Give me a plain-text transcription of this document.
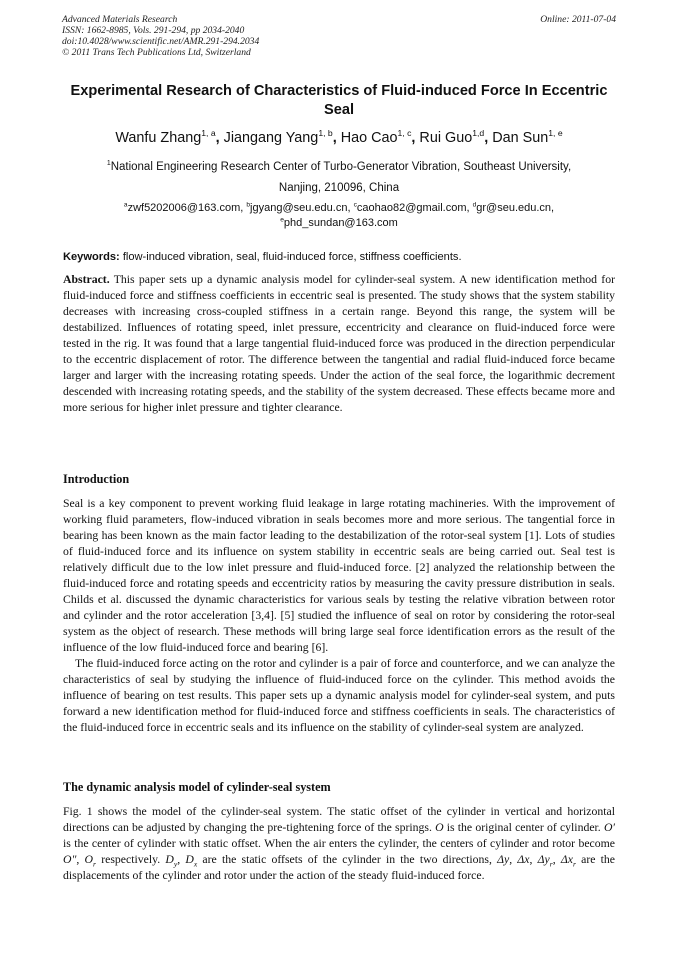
Advanced Materials Research
ISSN: 1662-8985, Vols. 291-294, pp 2034-2040
doi:10.4028/www.scientific.net/AMR.291-294.2034
© 2011 Trans Tech Publications Ltd, Switzerland
Online: 2011-07-04
Experimental Research of Characteristics of Fluid-induced Force In Eccentric Seal
Wanfu Zhang$^{1, a}$, Jiangang Yang$^{1, b}$, Hao Cao$^{1, c}$, Rui Guo$^{1,d}$, Dan Sun$^{1, e}$
$^1$National Engineering Research Center of Turbo-Generator Vibration, Southeast University,
Nanjing, 210096, China
$^a$zwf5202006@163.com, $^b$jgyang@seu.edu.cn, $^c$caohao82@gmail.com, $^d$gr@seu.edu.cn,
$^e$phd_sundan@163.com
Keywords: flow-induced vibration, seal, fluid-induced force, stiffness coefficients.

Abstract. This paper sets up a dynamic analysis model for cylinder-seal system. A new identification method for fluid-induced force and stiffness coefficients in eccentric seal is presented. The study shows that the system stability decreases with increasing cross-coupled stiffness in a certain range. Beyond this range, the system will be destabilized. Influences of rotating speed, inlet pressure, eccentricity and clearance on fluid-induced force were tested in the rig. It was found that a large tangential fluid-induced force was produced in the direction perpendicular to the eccentric displacement of rotor. The difference between the tangential and radial fluid-induced force became larger and larger with the increasing rotating speeds. Under the action of the seal force, the logarithmic decrement descended with increasing rotating speeds, and the stability of the system decreased. These effects became more and more serious for higher inlet pressure and tighter clearance.

Introduction

Seal is a key component to prevent working fluid leakage in large rotating machineries. With the improvement of working fluid parameters, flow-induced vibration in seals becomes more and more serious. The tangential force in bearing has been known as the main factor leading to the destabilization of the rotor-seal system [1]. Lots of studies of fluid-induced force and its influence on system stability in eccentric seals are being carried out. Seal test is relatively difficult due to the low inlet pressure and fluid-induced force. [2] analyzed the relationship between the fluid-induced force and rotating speeds and eccentricity ratios by measuring the cavity pressure distribution in seals. Childs et al. discussed the dynamic characteristics for various seals by testing the relative vibration between rotor and cylinder and the rotor acceleration [3,4]. [5] studied the influence of seal on rotor by considering the rotor-seal system as the object of research. These methods will bring large seal force identification errors as the result of the influence of the low fluid-induced force and bearing [6].

The fluid-induced force acting on the rotor and cylinder is a pair of force and counterforce, and we can analyze the characteristics of seal by studying the influence of fluid-induced force on the cylinder. This method avoids the influence of bearing on test results. This paper sets up a dynamic analysis model for cylinder-seal system, and puts forward a new identification method for fluid-induced force and stiffness coefficients in seals. The characteristics of the fluid-induced force in eccentric seals and its influence on the stability of cylinder-seal system are analyzed.

The dynamic analysis model of cylinder-seal system

Fig. 1 shows the model of the cylinder-seal system. The static offset of the cylinder in vertical and horizontal directions can be adjusted by changing the pre-tightening force of the springs. O is the original center of cylinder. O′ is the center of cylinder with static offset. When the air enters the cylinder, the centers of cylinder and rotor become O", $O_r$ respectively. $D_y$, $D_x$ are the static offsets of the cylinder in the two directions, Δy, Δx, $\Delta y_r$, $\Delta x_r$ are the displacements of the cylinder and rotor under the action of the steady fluid-induced force.
